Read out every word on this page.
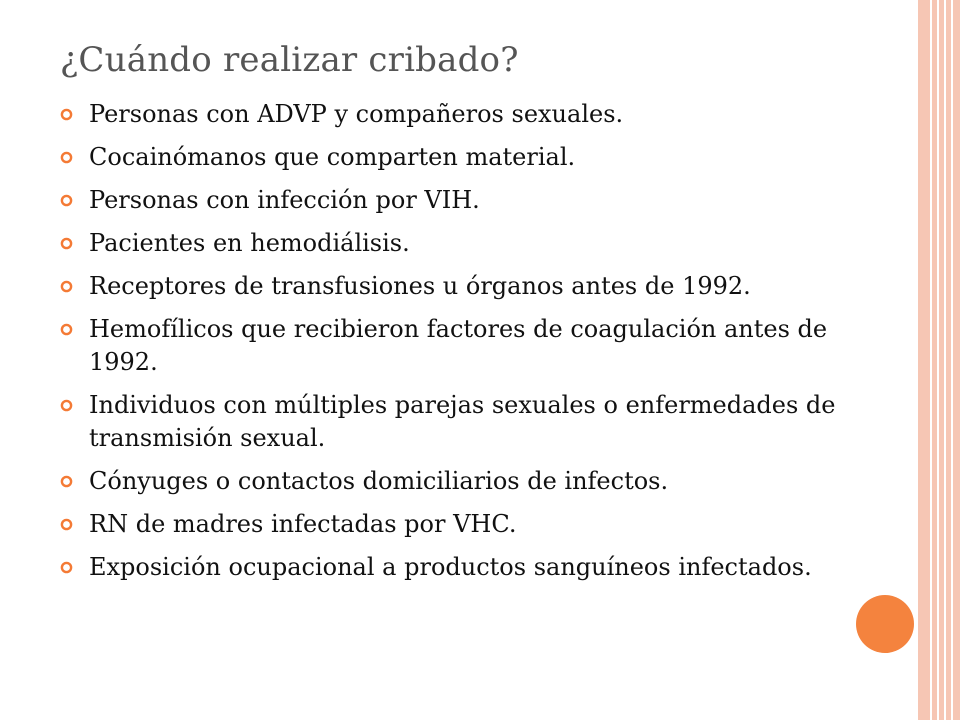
¿Cuándo realizar cribado?
Personas con ADVP y compañeros sexuales.
Cocainómanos que comparten material.
Personas con infección por VIH.
Pacientes en hemodiálisis.
Receptores de transfusiones u órganos antes de 1992.
Hemofílicos que recibieron factores de coagulación antes de 1992.
Individuos con múltiples parejas sexuales o enfermedades de transmisión sexual.
Cónyuges o contactos domiciliarios de infectos.
RN de madres infectadas por VHC.
Exposición ocupacional a productos sanguíneos infectados.
